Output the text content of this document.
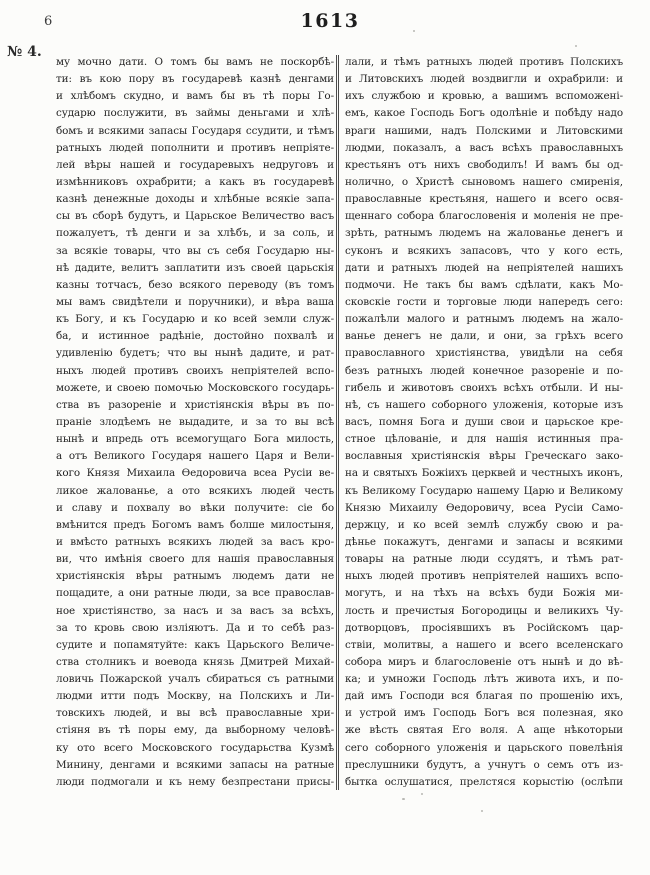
6	1613
№ 4.
му мочно дати. О томъ бы вамъ не поскорбѣ-
ти: въ кою пору въ государевѣ казнѣ денгами
и хлѣбомъ скудно, и вамъ бы въ тѣ поры Го-
сударю послужити, въ займы деньгами и хлѣ-
бомъ и всякими запасы Государя ссудити, и тѣмъ
ратныхъ людей пополнити и противъ непріяте-
лей вѣры нашей и государевыхъ недруговъ и
измѣнниковъ охрабрити; а какъ въ государевѣ
казнѣ денежные доходы и хлѣбные всякіе запа-
сы въ сборѣ будутъ, и Царьское Величество васъ
пожалуетъ, тѣ денги и за хлѣбъ, и за соль, и
за всякіе товары, что вы съ себя Государю ны-
нѣ дадите, велитъ заплатити изъ своей царьскія
казны тотчасъ, безо всякого переводу (въ томъ
мы вамъ свидѣтели и поручники), и вѣра ваша
къ Богу, и къ Государю и ко всей земли служ-
ба, и истинное радѣніе, достойно похвалѣ и
удивленію будетъ; что вы нынѣ дадите, и рат-
ныхъ людей противъ своихъ непріятелей вспо-
можете, и своею помочью Московского государь-
ства въ разореніе и христіянскія вѣры въ по-
праніе злодѣемъ не выдадите, и за то вы всѣ
нынѣ и впредь отъ всемогущаго Бога милость,
а отъ Великого Государя нашего Царя и Вели-
кого Князя Михаила Ѳедоровича всеа Русіи ве-
ликое жалованье, а ото всякихъ людей честь
и славу и похвалу во вѣки получите: сіе бо
вмѣнится предъ Богомъ вамъ болше милостыня,
и вмѣсто ратныхъ всякихъ людей за васъ кро-
ви, что имѣнія своего для нашія православныя
христіянскія вѣры ратнымъ людемъ дати не
пощадите, а они ратные люди, за все православ-
ное христіянство, за насъ и за васъ за всѣхъ,
за то кровь свою изліяютъ. Да и то себѣ раз-
судите и попамятуйте: какъ Царьского Величе-
ства столникъ и воевода князь Дмитрей Михай-
ловичь Пожарской учалъ сбираться съ ратными
людми итти подъ Москву, на Полскихъ и Ли-
товскихъ людей, и вы всѣ православные хри-
стіяня въ тѣ поры ему, да выборному человѣ-
ку ото всего Московского государьства Кузмѣ
Минину, денгами и всякими запасы на ратные
люди подмогали и къ нему безпрестани присы-
лали, и тѣмъ ратныхъ людей противъ Полскихъ
и Литовскихъ людей воздвигли и охрабрили: и
ихъ службою и кровью, а вашимъ вспоможені-
емъ, какое Господь Богъ одолѣніе и побѣду надо
враги нашими, надъ Полскими и Литовскими
людми, показалъ, а васъ всѣхъ православныхъ
крестьянъ отъ нихъ свободилъ! И вамъ бы од-
нолично, о Христѣ сыновомъ нашего смиренія,
православные крестьяня, нашего и всего освя-
щеннаго собора благословенія и моленія не пре-
зрѣть, ратнымъ людемъ на жалованье денегъ и
суконъ и всякихъ запасовъ, что у кого есть,
дати и ратныхъ людей на непріятелей нашихъ
подмочи. Не такъ бы вамъ сдѣлати, какъ Мо-
сковскіе гости и торговые люди напередъ сего:
пожалѣли малого и ратнымъ людемъ на жало-
ванье денегъ не дали, и они, за грѣхъ всего
православного христіянства, увидѣли на себя
безъ ратныхъ людей конечное разореніе и по-
гибель и животовъ своихъ всѣхъ отбыли. И ны-
нѣ, съ нашего соборного уложенія, которые изъ
васъ, помня Бога и души свои и царьское кре-
стное цѣлованіе, и для нашія истинныя пра-
вославныя христіянскія вѣры Греческаго зако-
на и святыхъ Божіихъ церквей и честныхъ иконъ,
къ Великому Государю нашему Царю и Великому
Князю Михаилу Ѳедоровичу, всеа Русіи Само-
держцу, и ко всей землѣ службу свою и ра-
дѣнье покажутъ, денгами и запасы и всякими
товары на ратные люди ссудятъ, и тѣмъ рат-
ныхъ людей противъ непріятелей нашихъ вспо-
могутъ, и на тѣхъ на всѣхъ буди Божія ми-
лость и пречистыя Богородицы и великихъ Чу-
дотворцовъ, просіявшихъ въ Російскомъ цар-
ствіи, молитвы, а нашего и всего вселенскаго
собора миръ и благословеніе отъ нынѣ и до вѣ-
ка; и умножи Господь лѣтъ живота ихъ, и по-
дай имъ Господи вся благая по прошенію ихъ,
и устрой имъ Господь Богъ вся полезная, яко
же вѣсть святая Его воля. А аще нѣкоторыи
сего соборного уложенія и царьского повелѣнія
преслушники будутъ, а учнутъ о семъ отъ из-
бытка ослушатися, прелстяся корыстію (ослѣпи
